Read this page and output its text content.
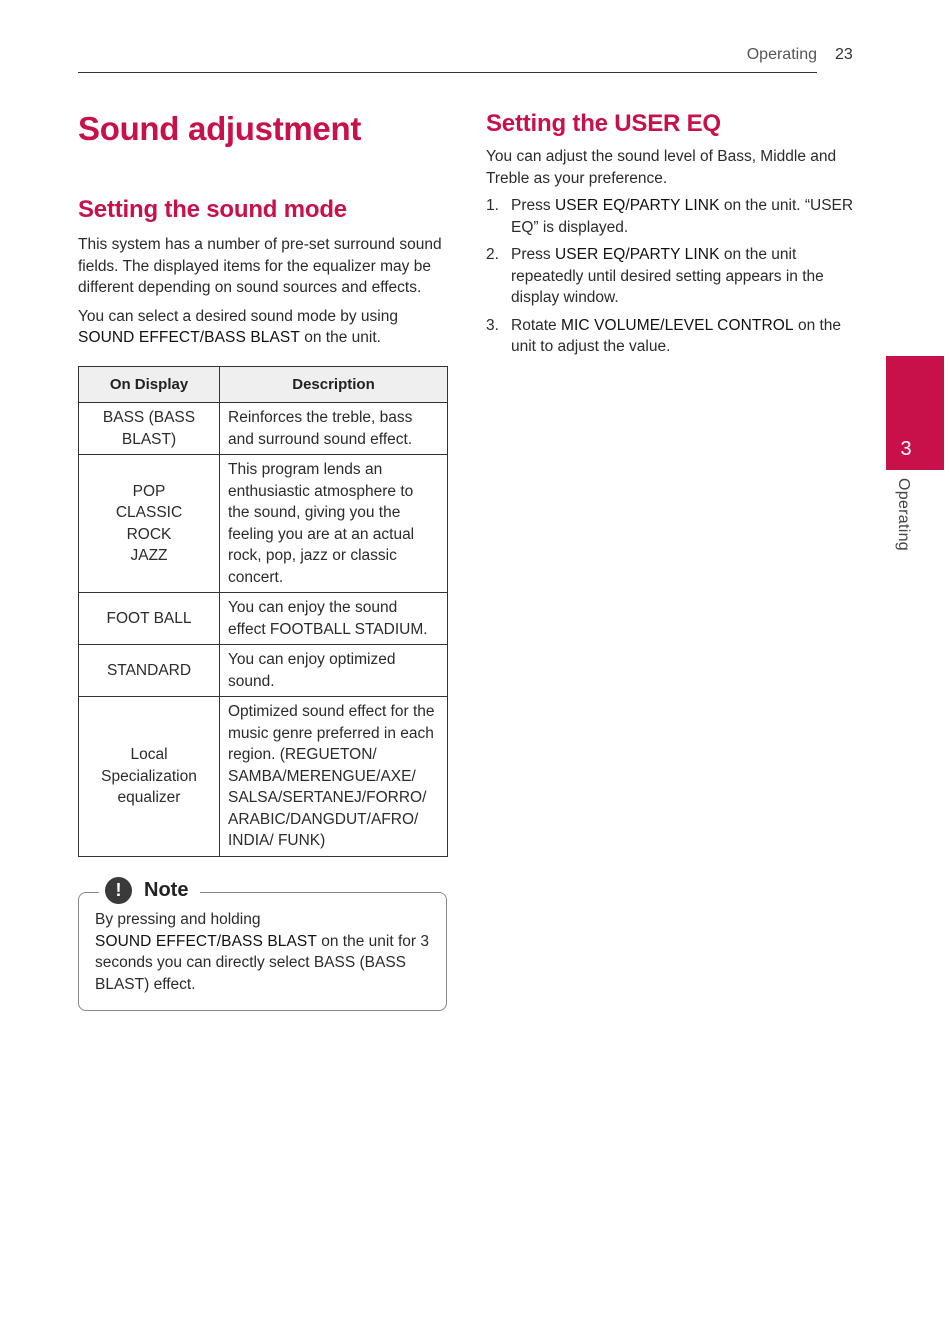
Operating 23
Sound adjustment
Setting the sound mode

This system has a number of pre-set surround sound fields. The displayed items for the equalizer may be different depending on sound sources and effects.

You can select a desired sound mode by using
SOUND EFFECT/BASS BLAST on the unit.

On Display	Description

BASS (BASS
BLAST)	Reinforces the treble, bass and surround sound effect.

POP
CLASSIC
ROCK
JAZZ	This program lends an enthusiastic atmosphere to the sound, giving you the feeling you are at an actual rock, pop, jazz or classic concert.

FOOT BALL	You can enjoy the sound effect FOOTBALL STADIUM.

STANDARD	You can enjoy optimized sound.

Local Specialization
equalizer	Optimized sound effect for the music genre preferred in each region. (REGUETON/ SAMBA/MERENGUE/AXE/ SALSA/SERTANEJ/FORRO/ ARABIC/DANGDUT/AFRO/ INDIA/ FUNK)
!	Note
By pressing and holding
SOUND EFFECT/BASS BLAST on the unit for 3 seconds you can directly select BASS (BASS BLAST) effect.
Setting the USER EQ

You can adjust the sound level of Bass, Middle and Treble as your preference.

1. Press USER EQ/PARTY LINK on the unit. “USER EQ” is displayed.
2. Press USER EQ/PARTY LINK on the unit repeatedly until desired setting appears in the display window.
3. Rotate MIC VOLUME/LEVEL CONTROL on the unit to adjust the value.
3
Operating
